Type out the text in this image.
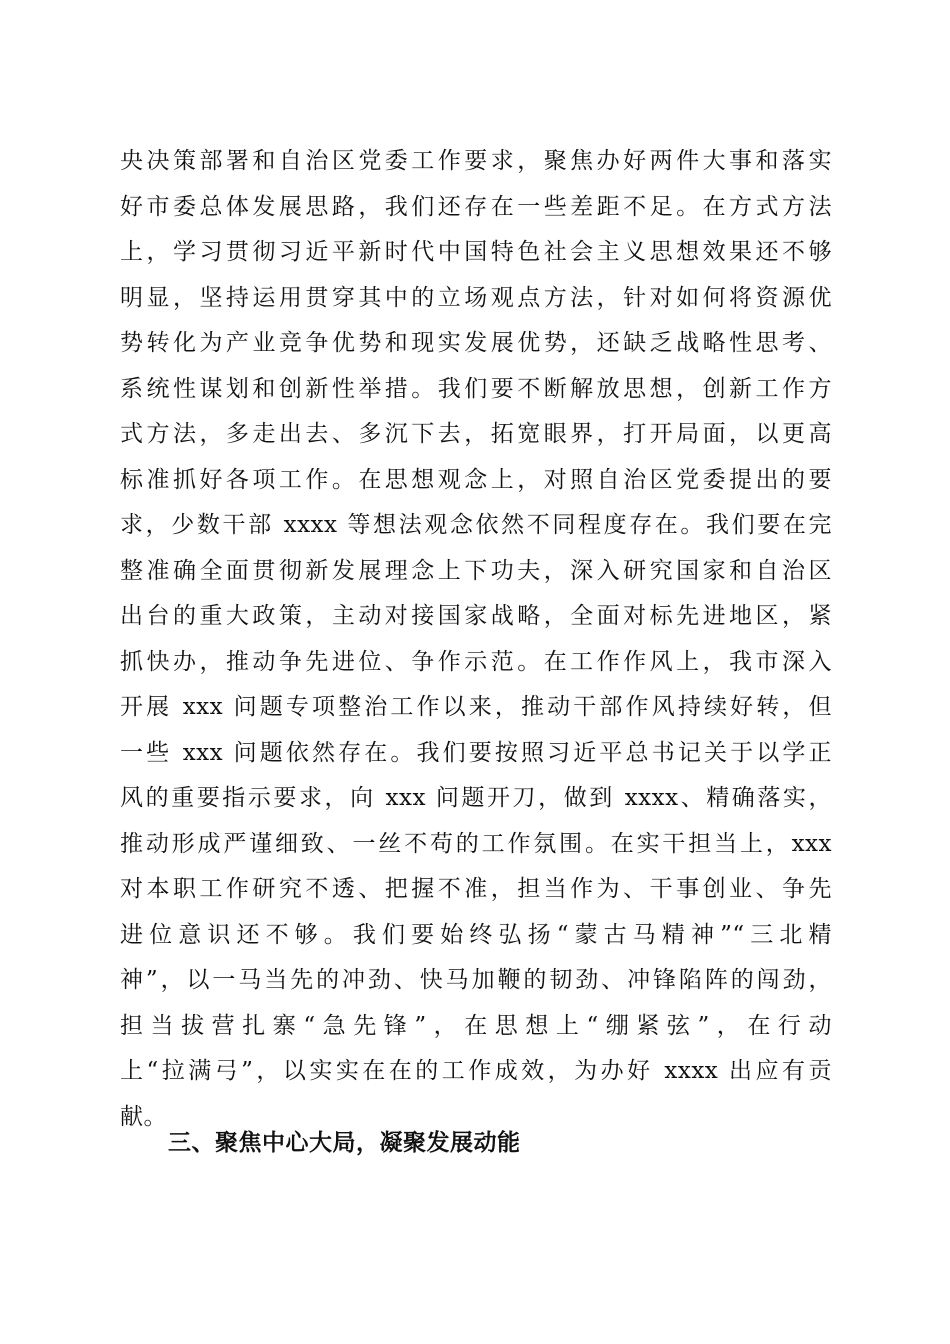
央决策部署和自治区党委工作要求，聚焦办好两件大事和落实
好市委总体发展思路，我们还存在一些差距不足。在方式方法
上，学习贯彻习近平新时代中国特色社会主义思想效果还不够
明显，坚持运用贯穿其中的立场观点方法，针对如何将资源优
势转化为产业竞争优势和现实发展优势，还缺乏战略性思考、
系统性谋划和创新性举措。我们要不断解放思想，创新工作方
式方法，多走出去、多沉下去，拓宽眼界，打开局面，以更高
标准抓好各项工作。在思想观念上，对照自治区党委提出的要
求，少数干部 xxxx 等想法观念依然不同程度存在。我们要在完
整准确全面贯彻新发展理念上下功夫，深入研究国家和自治区
出台的重大政策，主动对接国家战略，全面对标先进地区，紧
抓快办，推动争先进位、争作示范。在工作作风上，我市深入
开展 xxx 问题专项整治工作以来，推动干部作风持续好转，但
一些 xxx 问题依然存在。我们要按照习近平总书记关于以学正
风的重要指示要求，向 xxx 问题开刀，做到 xxxx、精确落实，
推动形成严谨细致、一丝不苟的工作氛围。在实干担当上，xxx
对本职工作研究不透、把握不准，担当作为、干事创业、争先
进位意识还不够。我们要始终弘扬“蒙古马精神”“三北精
神”，以一马当先的冲劲、快马加鞭的韧劲、冲锋陷阵的闯劲，
担当拔营扎寨“急先锋”，在思想上“绷紧弦”，在行动
上“拉满弓”，以实实在在的工作成效，为办好 xxxx 出应有贡
献。
三、聚焦中心大局，凝聚发展动能
